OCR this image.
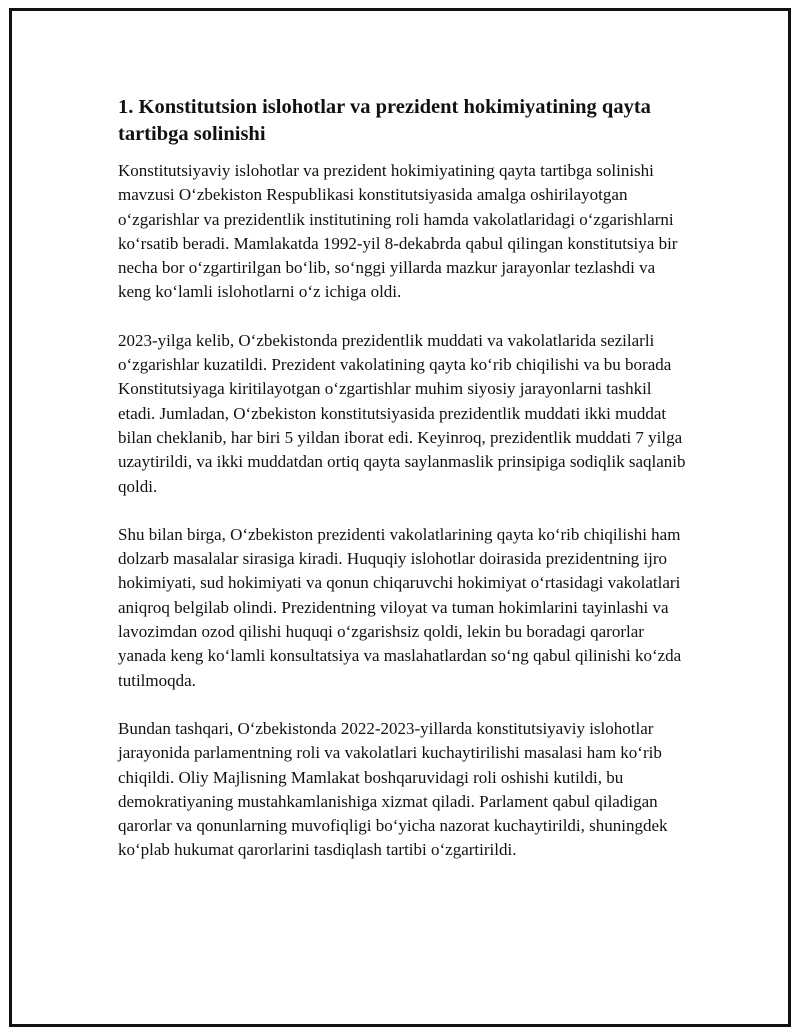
1. Konstitutsion islohotlar va prezident hokimiyatining qayta tartibga solinishi

Konstitutsiyaviy islohotlar va prezident hokimiyatining qayta tartibga solinishi mavzusi O‘zbekiston Respublikasi konstitutsiyasida amalga oshirilayotgan o‘zgarishlar va prezidentlik institutining roli hamda vakolatlaridagi o‘zgarishlarni ko‘rsatib beradi. Mamlakatda 1992-yil 8-dekabrda qabul qilingan konstitutsiya bir necha bor o‘zgartirilgan bo‘lib, so‘nggi yillarda mazkur jarayonlar tezlashdi va keng ko‘lamli islohotlarni o‘z ichiga oldi.

2023-yilga kelib, O‘zbekistonda prezidentlik muddati va vakolatlarida sezilarli o‘zgarishlar kuzatildi. Prezident vakolatining qayta ko‘rib chiqilishi va bu borada Konstitutsiyaga kiritilayotgan o‘zgartishlar muhim siyosiy jarayonlarni tashkil etadi. Jumladan, O‘zbekiston konstitutsiyasida prezidentlik muddati ikki muddat bilan cheklanib, har biri 5 yildan iborat edi. Keyinroq, prezidentlik muddati 7 yilga uzaytirildi, va ikki muddatdan ortiq qayta saylanmaslik prinsipiga sodiqlik saqlanib qoldi.

Shu bilan birga, O‘zbekiston prezidenti vakolatlarining qayta ko‘rib chiqilishi ham dolzarb masalalar sirasiga kiradi. Huquqiy islohotlar doirasida prezidentning ijro hokimiyati, sud hokimiyati va qonun chiqaruvchi hokimiyat o‘rtasidagi vakolatlari aniqroq belgilab olindi. Prezidentning viloyat va tuman hokimlarini tayinlashi va lavozimdan ozod qilishi huquqi o‘zgarishsiz qoldi, lekin bu boradagi qarorlar yanada keng ko‘lamli konsultatsiya va maslahatlardan so‘ng qabul qilinishi ko‘zda tutilmoqda.

Bundan tashqari, O‘zbekistonda 2022-2023-yillarda konstitutsiyaviy islohotlar jarayonida parlamentning roli va vakolatlari kuchaytirilishi masalasi ham ko‘rib chiqildi. Oliy Majlisning Mamlakat boshqaruvidagi roli oshishi kutildi, bu demokratiyaning mustahkamlanishiga xizmat qiladi. Parlament qabul qiladigan qarorlar va qonunlarning muvofiqligi bo‘yicha nazorat kuchaytirildi, shuningdek ko‘plab hukumat qarorlarini tasdiqlash tartibi o‘zgartirildi.
